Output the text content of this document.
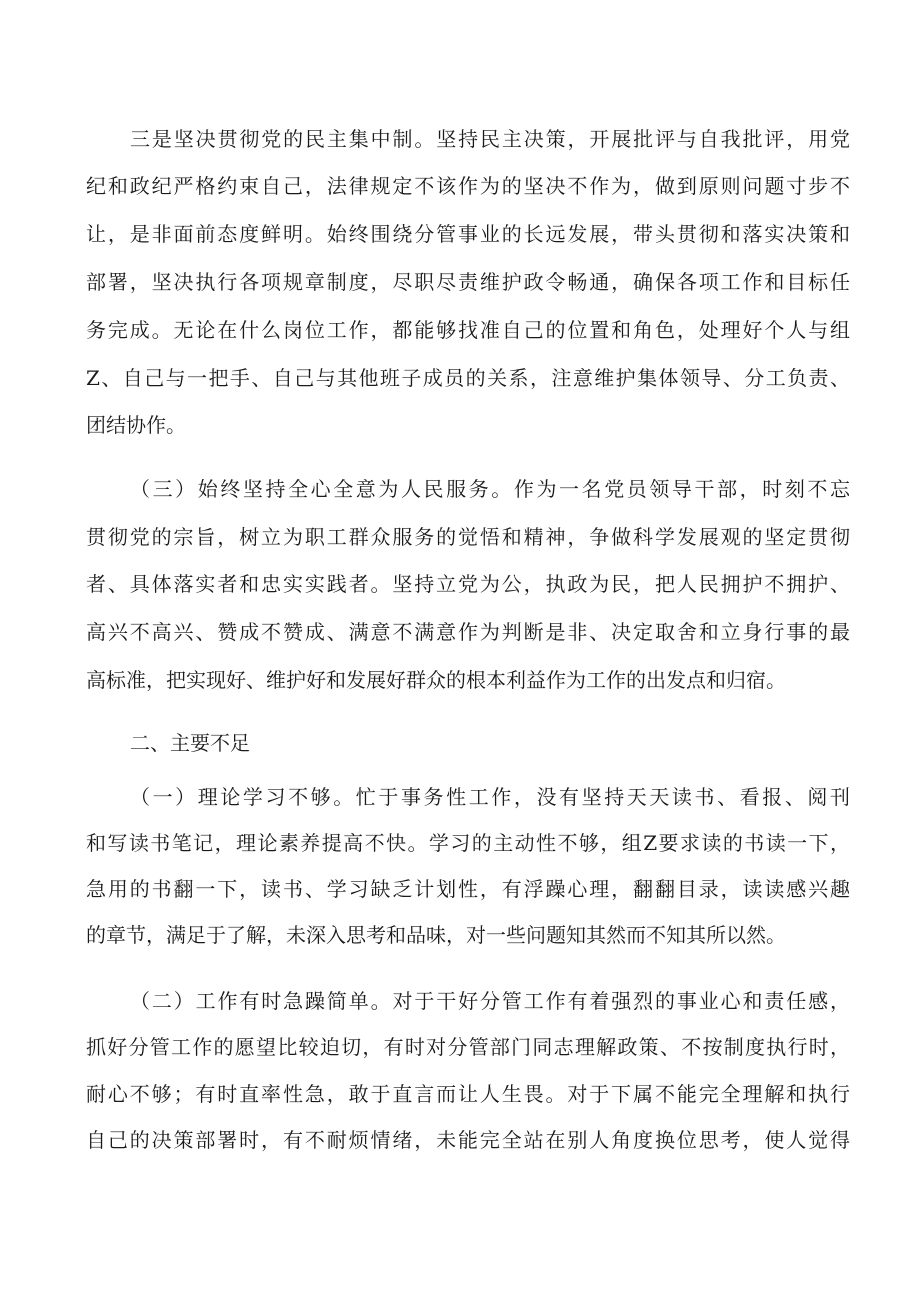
三是坚决贯彻党的民主集中制。坚持民主决策，开展批评与自我批评，用党
纪和政纪严格约束自己，法律规定不该作为的坚决不作为，做到原则问题寸步不
让，是非面前态度鲜明。始终围绕分管事业的长远发展，带头贯彻和落实决策和
部署，坚决执行各项规章制度，尽职尽责维护政令畅通，确保各项工作和目标任
务完成。无论在什么岗位工作，都能够找准自己的位置和角色，处理好个人与组
Z、自己与一把手、自己与其他班子成员的关系，注意维护集体领导、分工负责、
团结协作。
（三）始终坚持全心全意为人民服务。作为一名党员领导干部，时刻不忘
贯彻党的宗旨，树立为职工群众服务的觉悟和精神，争做科学发展观的坚定贯彻
者、具体落实者和忠实实践者。坚持立党为公，执政为民，把人民拥护不拥护、
高兴不高兴、赞成不赞成、满意不满意作为判断是非、决定取舍和立身行事的最
高标准，把实现好、维护好和发展好群众的根本利益作为工作的出发点和归宿。
二、主要不足
（一）理论学习不够。忙于事务性工作，没有坚持天天读书、看报、阅刊
和写读书笔记，理论素养提高不快。学习的主动性不够，组Z要求读的书读一下，
急用的书翻一下，读书、学习缺乏计划性，有浮躁心理，翻翻目录，读读感兴趣
的章节，满足于了解，未深入思考和品味，对一些问题知其然而不知其所以然。
（二）工作有时急躁简单。对于干好分管工作有着强烈的事业心和责任感，
抓好分管工作的愿望比较迫切，有时对分管部门同志理解政策、不按制度执行时，
耐心不够；有时直率性急，敢于直言而让人生畏。对于下属不能完全理解和执行
自己的决策部署时，有不耐烦情绪，未能完全站在别人角度换位思考，使人觉得
